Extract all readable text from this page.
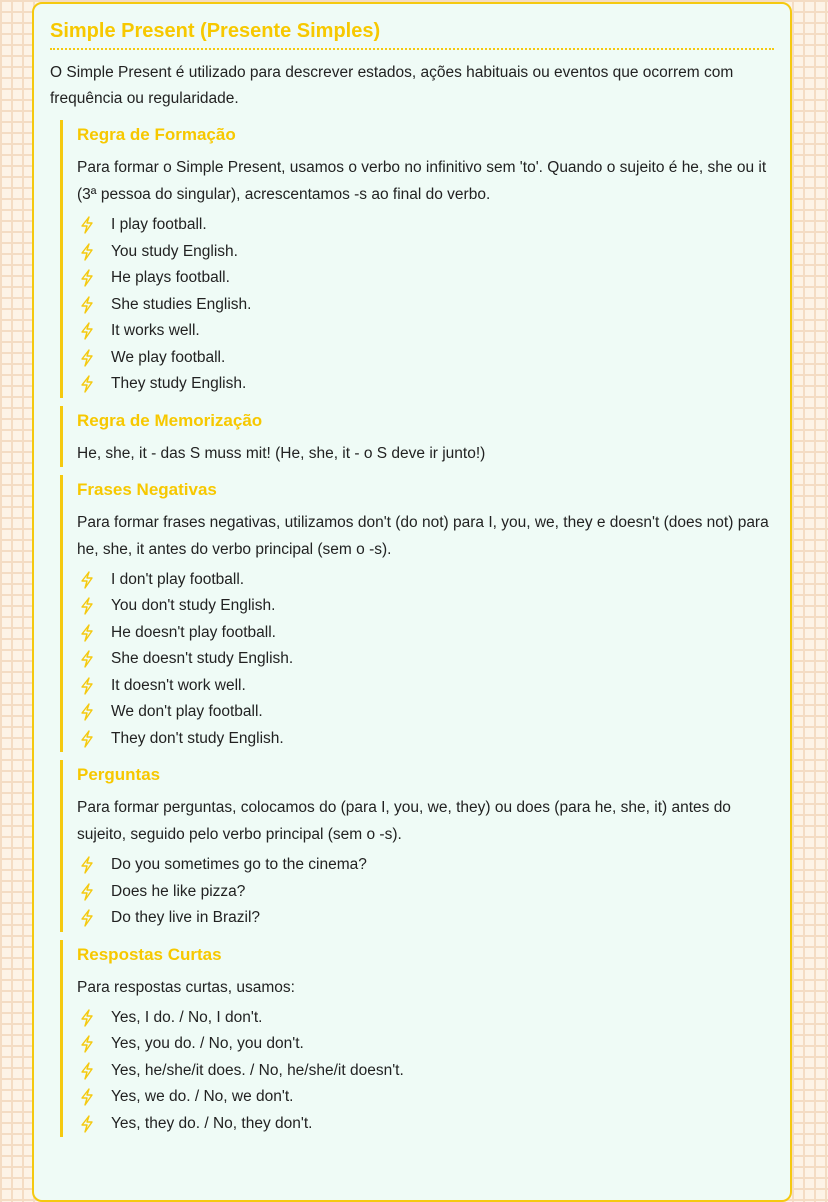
Simple Present (Presente Simples)

O Simple Present é utilizado para descrever estados, ações habituais ou eventos que ocorrem com frequência ou regularidade.

Regra de Formação

Para formar o Simple Present, usamos o verbo no infinitivo sem 'to'. Quando o sujeito é he, she ou it (3ª pessoa do singular), acrescentamos -s ao final do verbo.

I play football.
You study English.
He plays football.
She studies English.
It works well.
We play football.
They study English.
Regra de Memorização

He, she, it - das S muss mit! (He, she, it - o S deve ir junto!)

Frases Negativas

Para formar frases negativas, utilizamos don't (do not) para I, you, we, they e doesn't (does not) para he, she, it antes do verbo principal (sem o -s).

I don't play football.
You don't study English.
He doesn't play football.
She doesn't study English.
It doesn't work well.
We don't play football.
They don't study English.
Perguntas

Para formar perguntas, colocamos do (para I, you, we, they) ou does (para he, she, it) antes do sujeito, seguido pelo verbo principal (sem o -s).

Do you sometimes go to the cinema?
Does he like pizza?
Do they live in Brazil?
Respostas Curtas

Para respostas curtas, usamos:

Yes, I do. / No, I don't.
Yes, you do. / No, you don't.
Yes, he/she/it does. / No, he/she/it doesn't.
Yes, we do. / No, we don't.
Yes, they do. / No, they don't.
